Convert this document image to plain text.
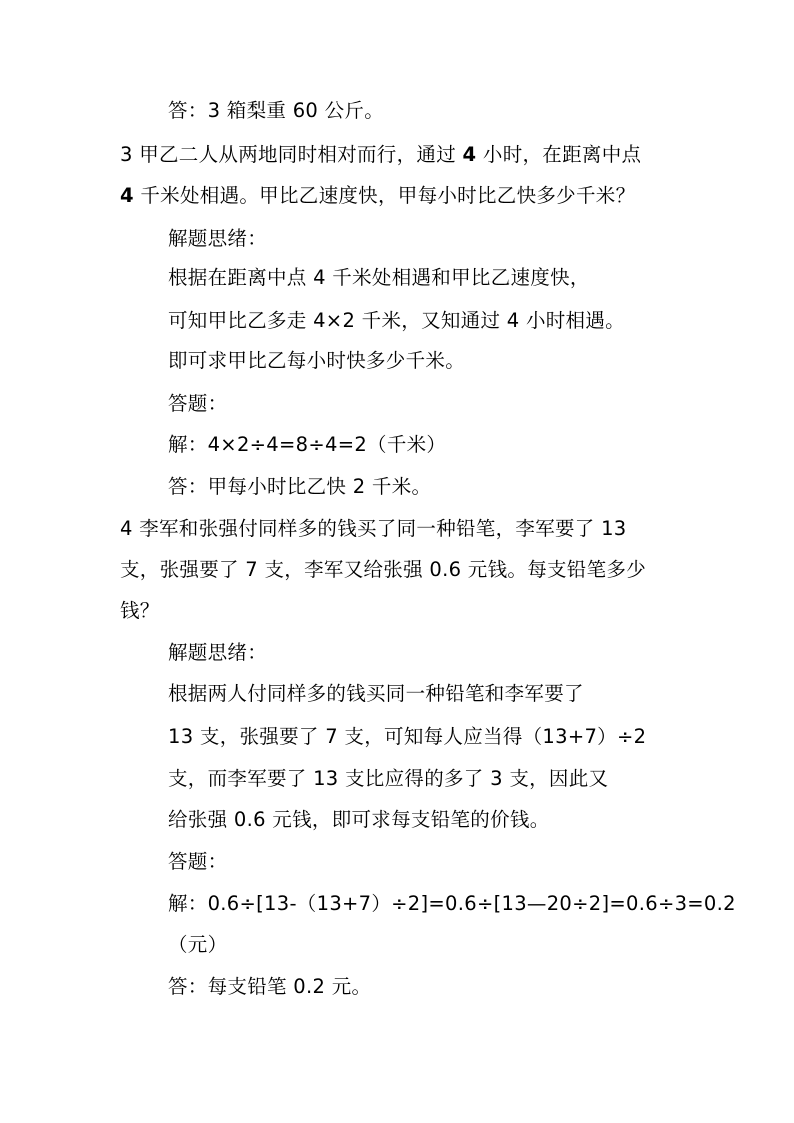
答：3 箱梨重 60 公斤。
3 甲乙二人从两地同时相对而行，通过 4 小时，在距离中点
4 千米处相遇。甲比乙速度快，甲每小时比乙快多少千米？
解题思绪：
根据在距离中点 4 千米处相遇和甲比乙速度快，
可知甲比乙多走 4×2 千米，又知通过 4 小时相遇。
即可求甲比乙每小时快多少千米。
答题：
解：4×2÷4=8÷4=2（千米）
答：甲每小时比乙快 2 千米。
4 李军和张强付同样多的钱买了同一种铅笔，李军要了 13
支，张强要了 7 支，李军又给张强 0.6 元钱。每支铅笔多少
钱？
解题思绪：
根据两人付同样多的钱买同一种铅笔和李军要了
13 支，张强要了 7 支，可知每人应当得（13+7）÷2
支，而李军要了 13 支比应得的多了 3 支，因此又
给张强 0.6 元钱，即可求每支铅笔的价钱。
答题：
解：0.6÷[13-（13+7）÷2]=0.6÷[13—20÷2]=0.6÷3=0.2
（元）
答：每支铅笔 0.2 元。
